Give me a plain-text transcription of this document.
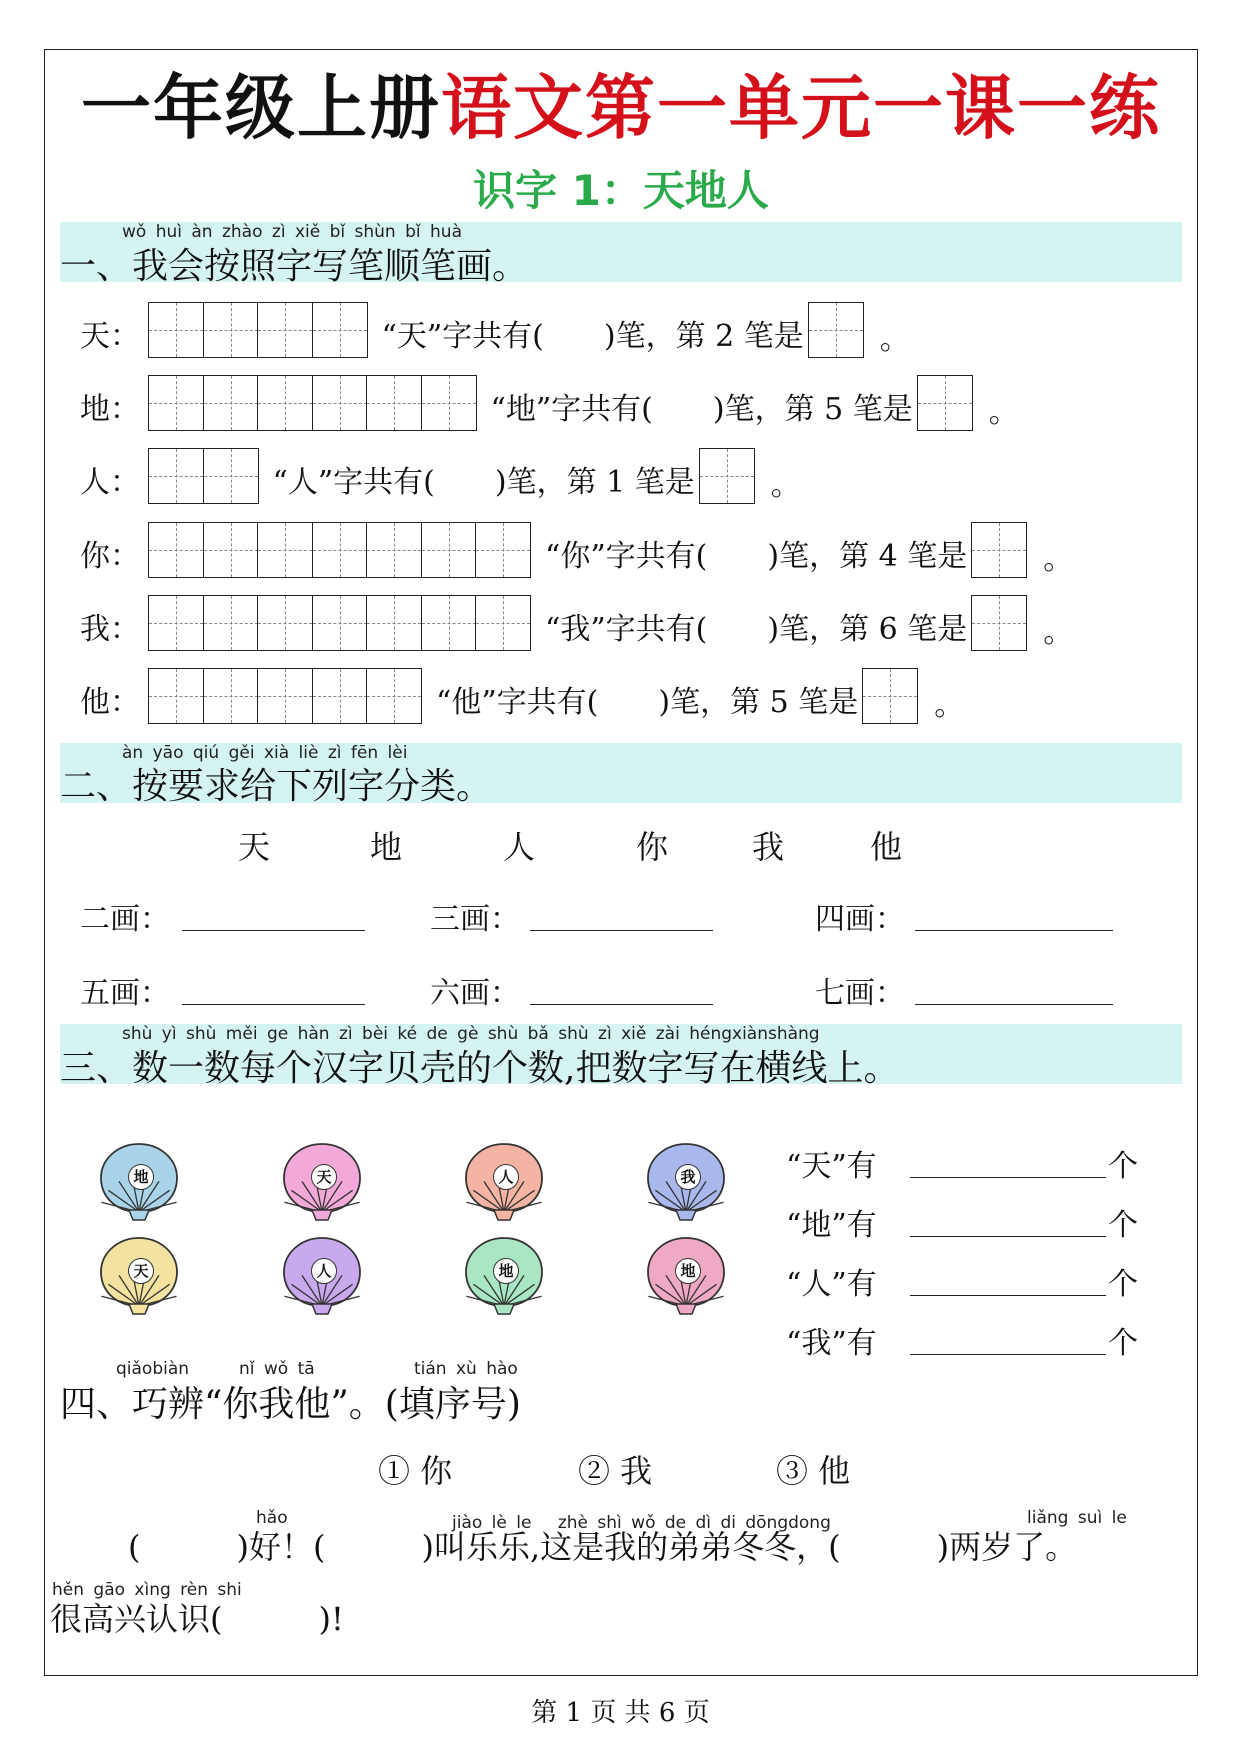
一年级上册语文第一单元一课一练
识字 1：天地人
wǒ huì àn zhào zì xiě bǐ shùn bǐ huà
一、我会按照字写笔顺笔画。
天：	“天”字共有(　　)笔，第 2 笔是	。
地：	“地”字共有(　　)笔，第 5 笔是	。
人：	“人”字共有(　　)笔，第 1 笔是	。
你：	“你”字共有(　　)笔，第 4 笔是	。
我：	“我”字共有(　　)笔，第 6 笔是	。
他：	“他”字共有(　　)笔，第 5 笔是	。
àn yāo qiú gěi xià liè zì fēn lèi
二、按要求给下列字分类。
天	地	人	你	我	他
二画：	三画：	四画：
五画：	六画：	七画：
shù yì shù měi ge hàn zì bèi ké de gè shù bǎ shù zì xiě zài héngxiànshàng
三、数一数每个汉字贝壳的个数,把数字写在横线上。
地	天	人	我
天	人	地	地
“天”有	个
“地”有	个
“人”有	个
“我”有	个
qiǎobiàn	nǐ wǒ tā	tián xù hào
四、巧辨“你我他”。(填序号)
① 你	② 我	③ 他
hǎo	jiào lè le　 zhè shì wǒ de dì di dōngdong	liǎng suì le
(　　　)好！(　　　)叫乐乐,这是我的弟弟冬冬，(　　　)两岁了。
hěn gāo xìng rèn shi
很高兴认识(　　　)!
第 1 页 共 6 页
